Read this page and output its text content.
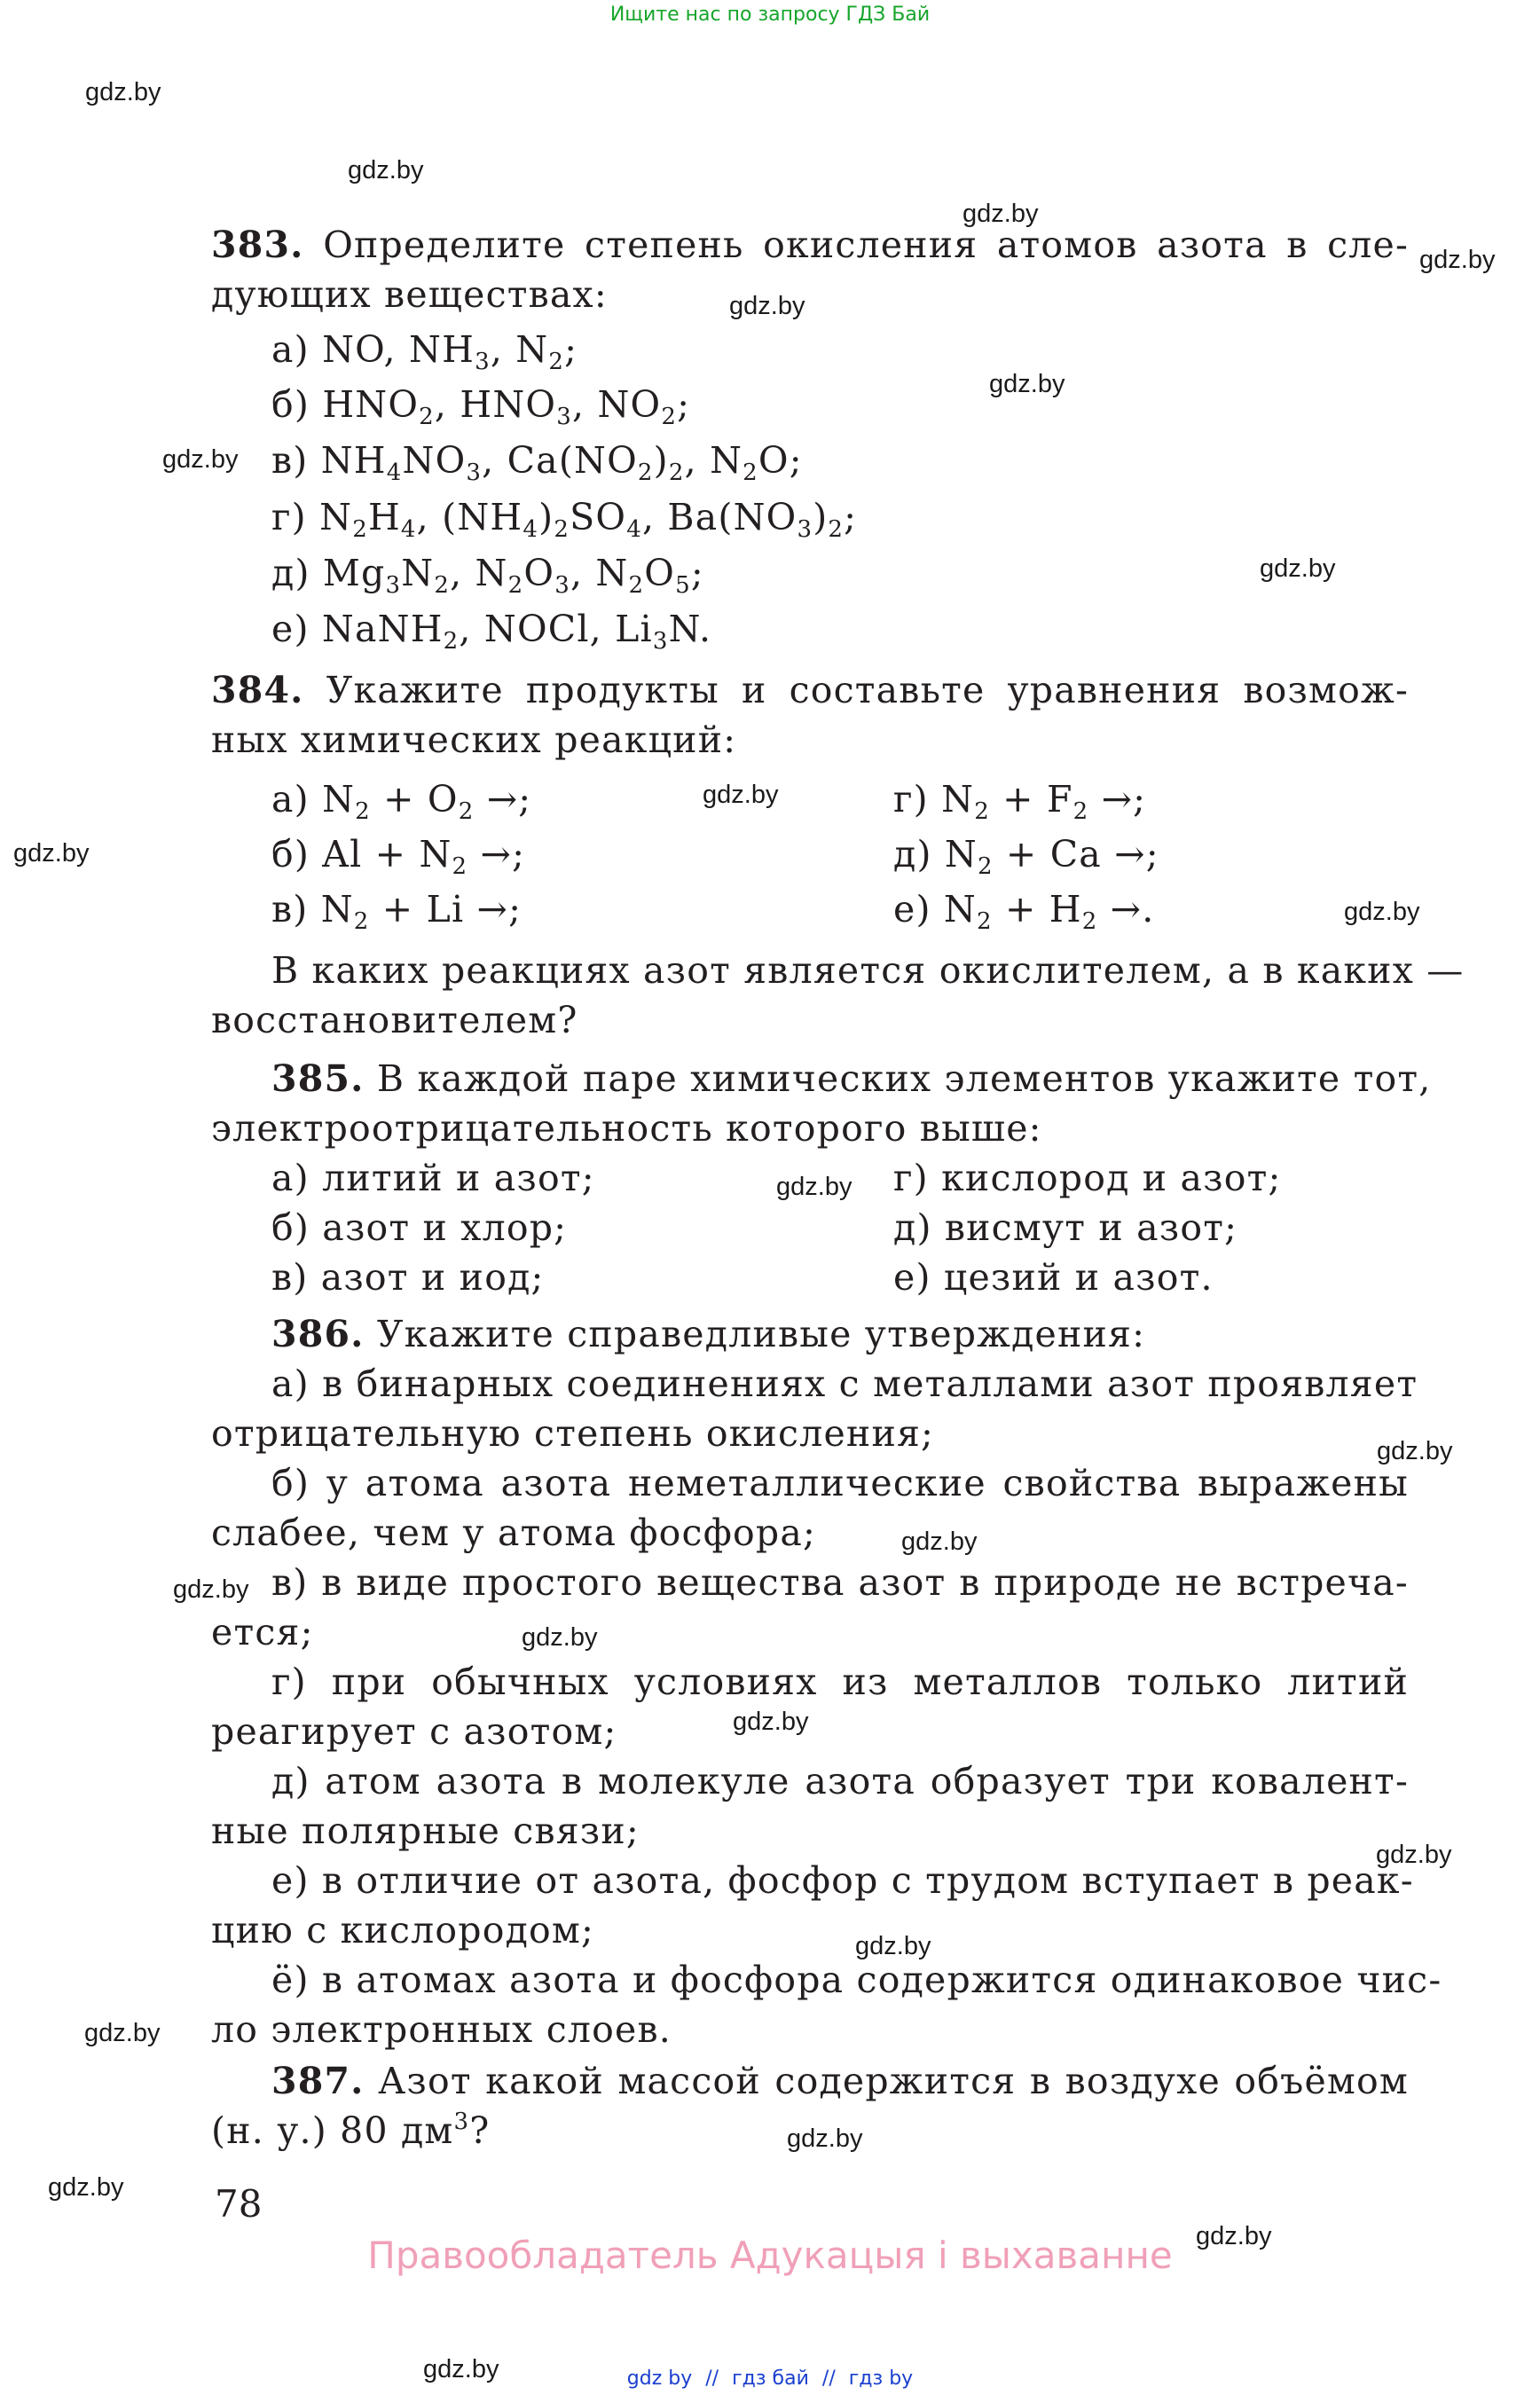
Ищите нас по запросу ГДЗ Бай
gdz.by
gdz.by
gdz.by
gdz.by
gdz.by
gdz.by
gdz.by
gdz.by
gdz.by
gdz.by
gdz.by
gdz.by
gdz.by
gdz.by
gdz.by
gdz.by
gdz.by
gdz.by
gdz.by
gdz.by
gdz.by
gdz.by
gdz.by
gdz.by
383. Определите степень окисления атомов азота в сле-
дующих веществах:
а) NO, $NH_3$, $N_2$;
б) $HNO_2$, $HNO_3$, $NO_2$;
в) $NH_4NO_3$, $Ca(NO_2)_2$, $N_2O$;
г) $N_2H_4$, $(NH_4)_2SO_4$, $Ba(NO_3)_2$;
д) $Mg_3N_2$, $N_2O_3$, $N_2O_5$;
е) NaNH$_2$, NOCl, $Li_3N$.
384. Укажите продукты и составьте уравнения возмож-
ных химических реакций:
а) $N_2 + O_2$ →;	г) $N_2 + F_2$ →;
б) $Al + N_2$ →;	д) $N_2 + Ca$ →;
в) $N_2 + Li$ →;	е) $N_2 + H_2$ →.
В каких реакциях азот является окислителем, а в каких —
восстановителем?
385. В каждой паре химических элементов укажите тот,
электроотрицательность которого выше:
а) литий и азот;	г) кислород и азот;
б) азот и хлор;	д) висмут и азот;
в) азот и иод;	е) цезий и азот.
386. Укажите справедливые утверждения:
а) в бинарных соединениях с металлами азот проявляет
отрицательную степень окисления;
б) у атома азота неметаллические свойства выражены
слабее, чем у атома фосфора;
в) в виде простого вещества азот в природе не встреча-
ется;
г) при обычных условиях из металлов только литий
реагирует с азотом;
д) атом азота в молекуле азота образует три ковалент-
ные полярные связи;
е) в отличие от азота, фосфор с трудом вступает в реак-
цию с кислородом;
ё) в атомах азота и фосфора содержится одинаковое чис-
ло электронных слоев.
387. Азот какой массой содержится в воздухе объёмом
(н. у.) 80 $дм^3$?
78
Правообладатель Адукацыя і выхаванне
gdz by // гдз бай // гдз by
